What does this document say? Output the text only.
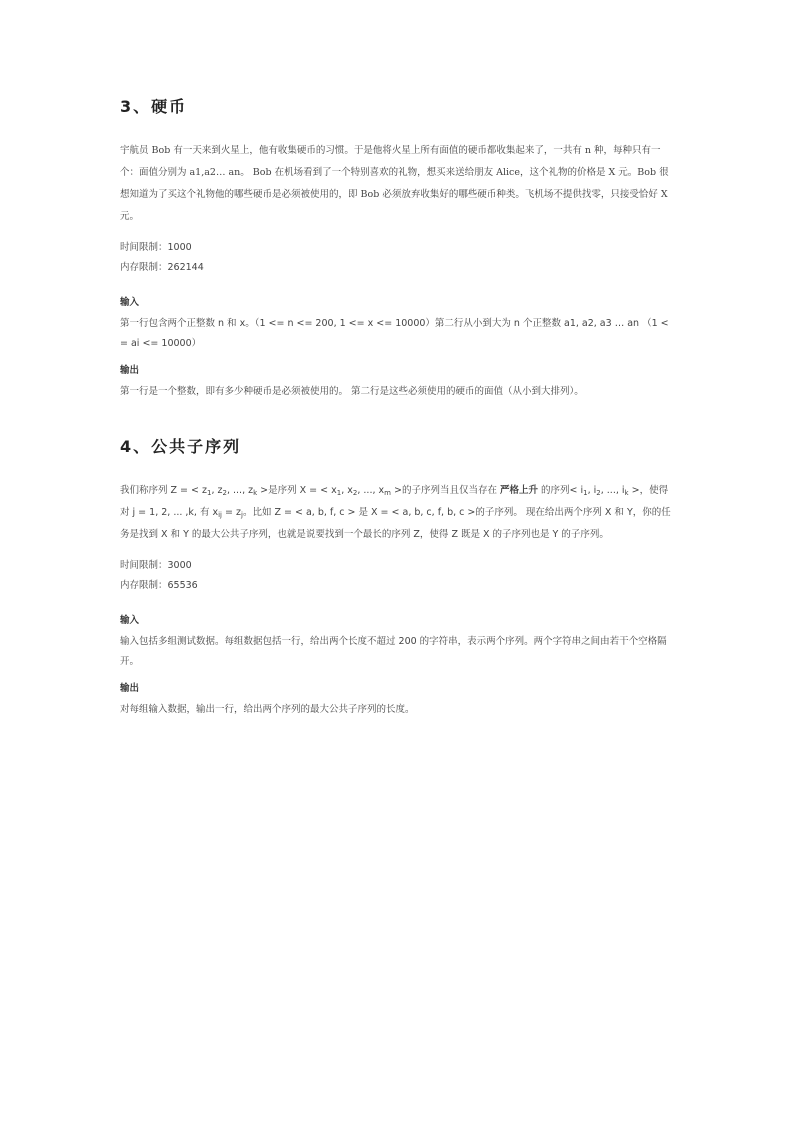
3、硬币

宇航员 Bob 有一天来到火星上，他有收集硬币的习惯。于是他将火星上所有面值的硬币都收集起来了，一共有 n 种，每种只有一个：面值分别为 a1,a2… an。 Bob 在机场看到了一个特别喜欢的礼物，想买来送给朋友 Alice，这个礼物的价格是 X 元。Bob 很想知道为了买这个礼物他的哪些硬币是必须被使用的，即 Bob 必须放弃收集好的哪些硬币种类。飞机场不提供找零，只接受恰好 X 元。

时间限制：1000

内存限制：262144

输入

第一行包含两个正整数 n 和 x。（1 <= n <= 200, 1 <= x <= 10000）第二行从小到大为 n 个正整数 a1, a2, a3 … an （1 <= ai <= 10000）

输出

第一行是一个整数，即有多少种硬币是必须被使用的。 第二行是这些必须使用的硬币的面值（从小到大排列）。

4、公共子序列

我们称序列 Z = < $z_1$, $z_2$, ..., $z_k$ >是序列 X = < $x_1$, $x_2$, ..., $x_m$ >的子序列当且仅当存在 严格上升 的序列< $i_1$, $i_2$, ..., $i_k$ >，使得对 j = 1, 2, ... ,k, 有 $x_{ij} = z_j$。比如 Z = < a, b, f, c > 是 X = < a, b, c, f, b, c >的子序列。 现在给出两个序列 X 和 Y，你的任务是找到 X 和 Y 的最大公共子序列，也就是说要找到一个最长的序列 Z，使得 Z 既是 X 的子序列也是 Y 的子序列。

时间限制：3000

内存限制：65536

输入

输入包括多组测试数据。每组数据包括一行，给出两个长度不超过 200 的字符串，表示两个序列。两个字符串之间由若干个空格隔开。

输出

对每组输入数据，输出一行，给出两个序列的最大公共子序列的长度。
